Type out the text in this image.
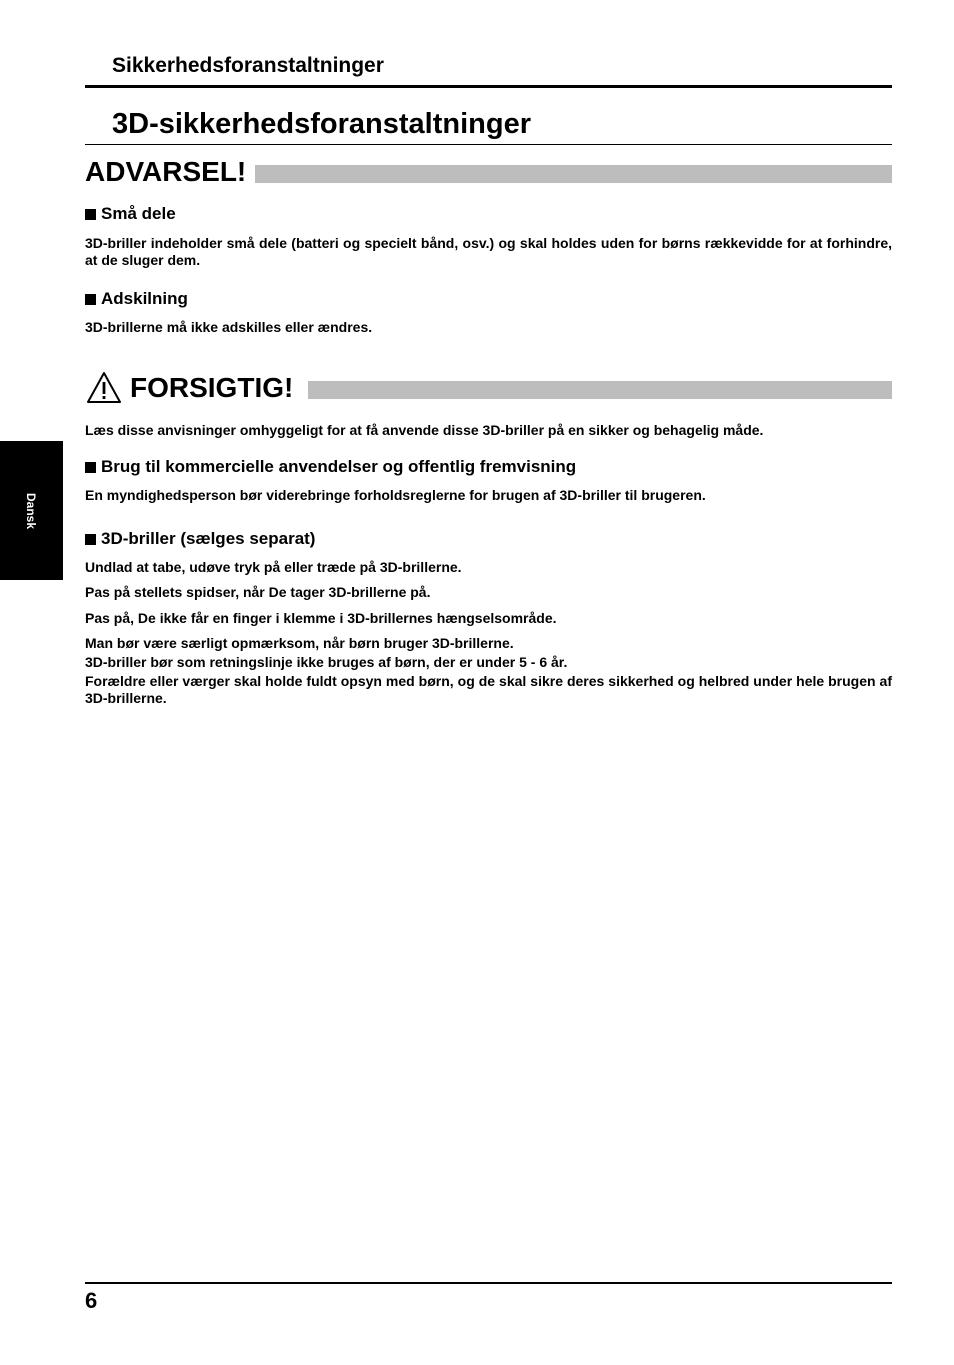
Sikkerhedsforanstaltninger
3D-sikkerhedsforanstaltninger
ADVARSEL!
Små dele
3D-briller indeholder små dele (batteri og specielt bånd, osv.) og skal holdes uden for børns rækkevidde for at forhindre, at de sluger dem.
Adskilning
3D-brillerne må ikke adskilles eller ændres.
FORSIGTIG!
Læs disse anvisninger omhyggeligt for at få anvende disse 3D-briller på en sikker og behagelig måde.
Brug til kommercielle anvendelser og offentlig fremvisning
En myndighedsperson bør viderebringe forholdsreglerne for brugen af 3D-briller til brugeren.
3D-briller (sælges separat)
Undlad at tabe, udøve tryk på eller træde på 3D-brillerne.
Pas på stellets spidser, når De tager 3D-brillerne på.
Pas på, De ikke får en finger i klemme i 3D-brillernes hængselsområde.
Man bør være særligt opmærksom, når børn bruger 3D-brillerne.
3D-briller bør som retningslinje ikke bruges af børn, der er under 5 - 6 år.
Forældre eller værger skal holde fuldt opsyn med børn, og de skal sikre deres sikkerhed og helbred under hele brugen af 3D-brillerne.
Dansk
6
